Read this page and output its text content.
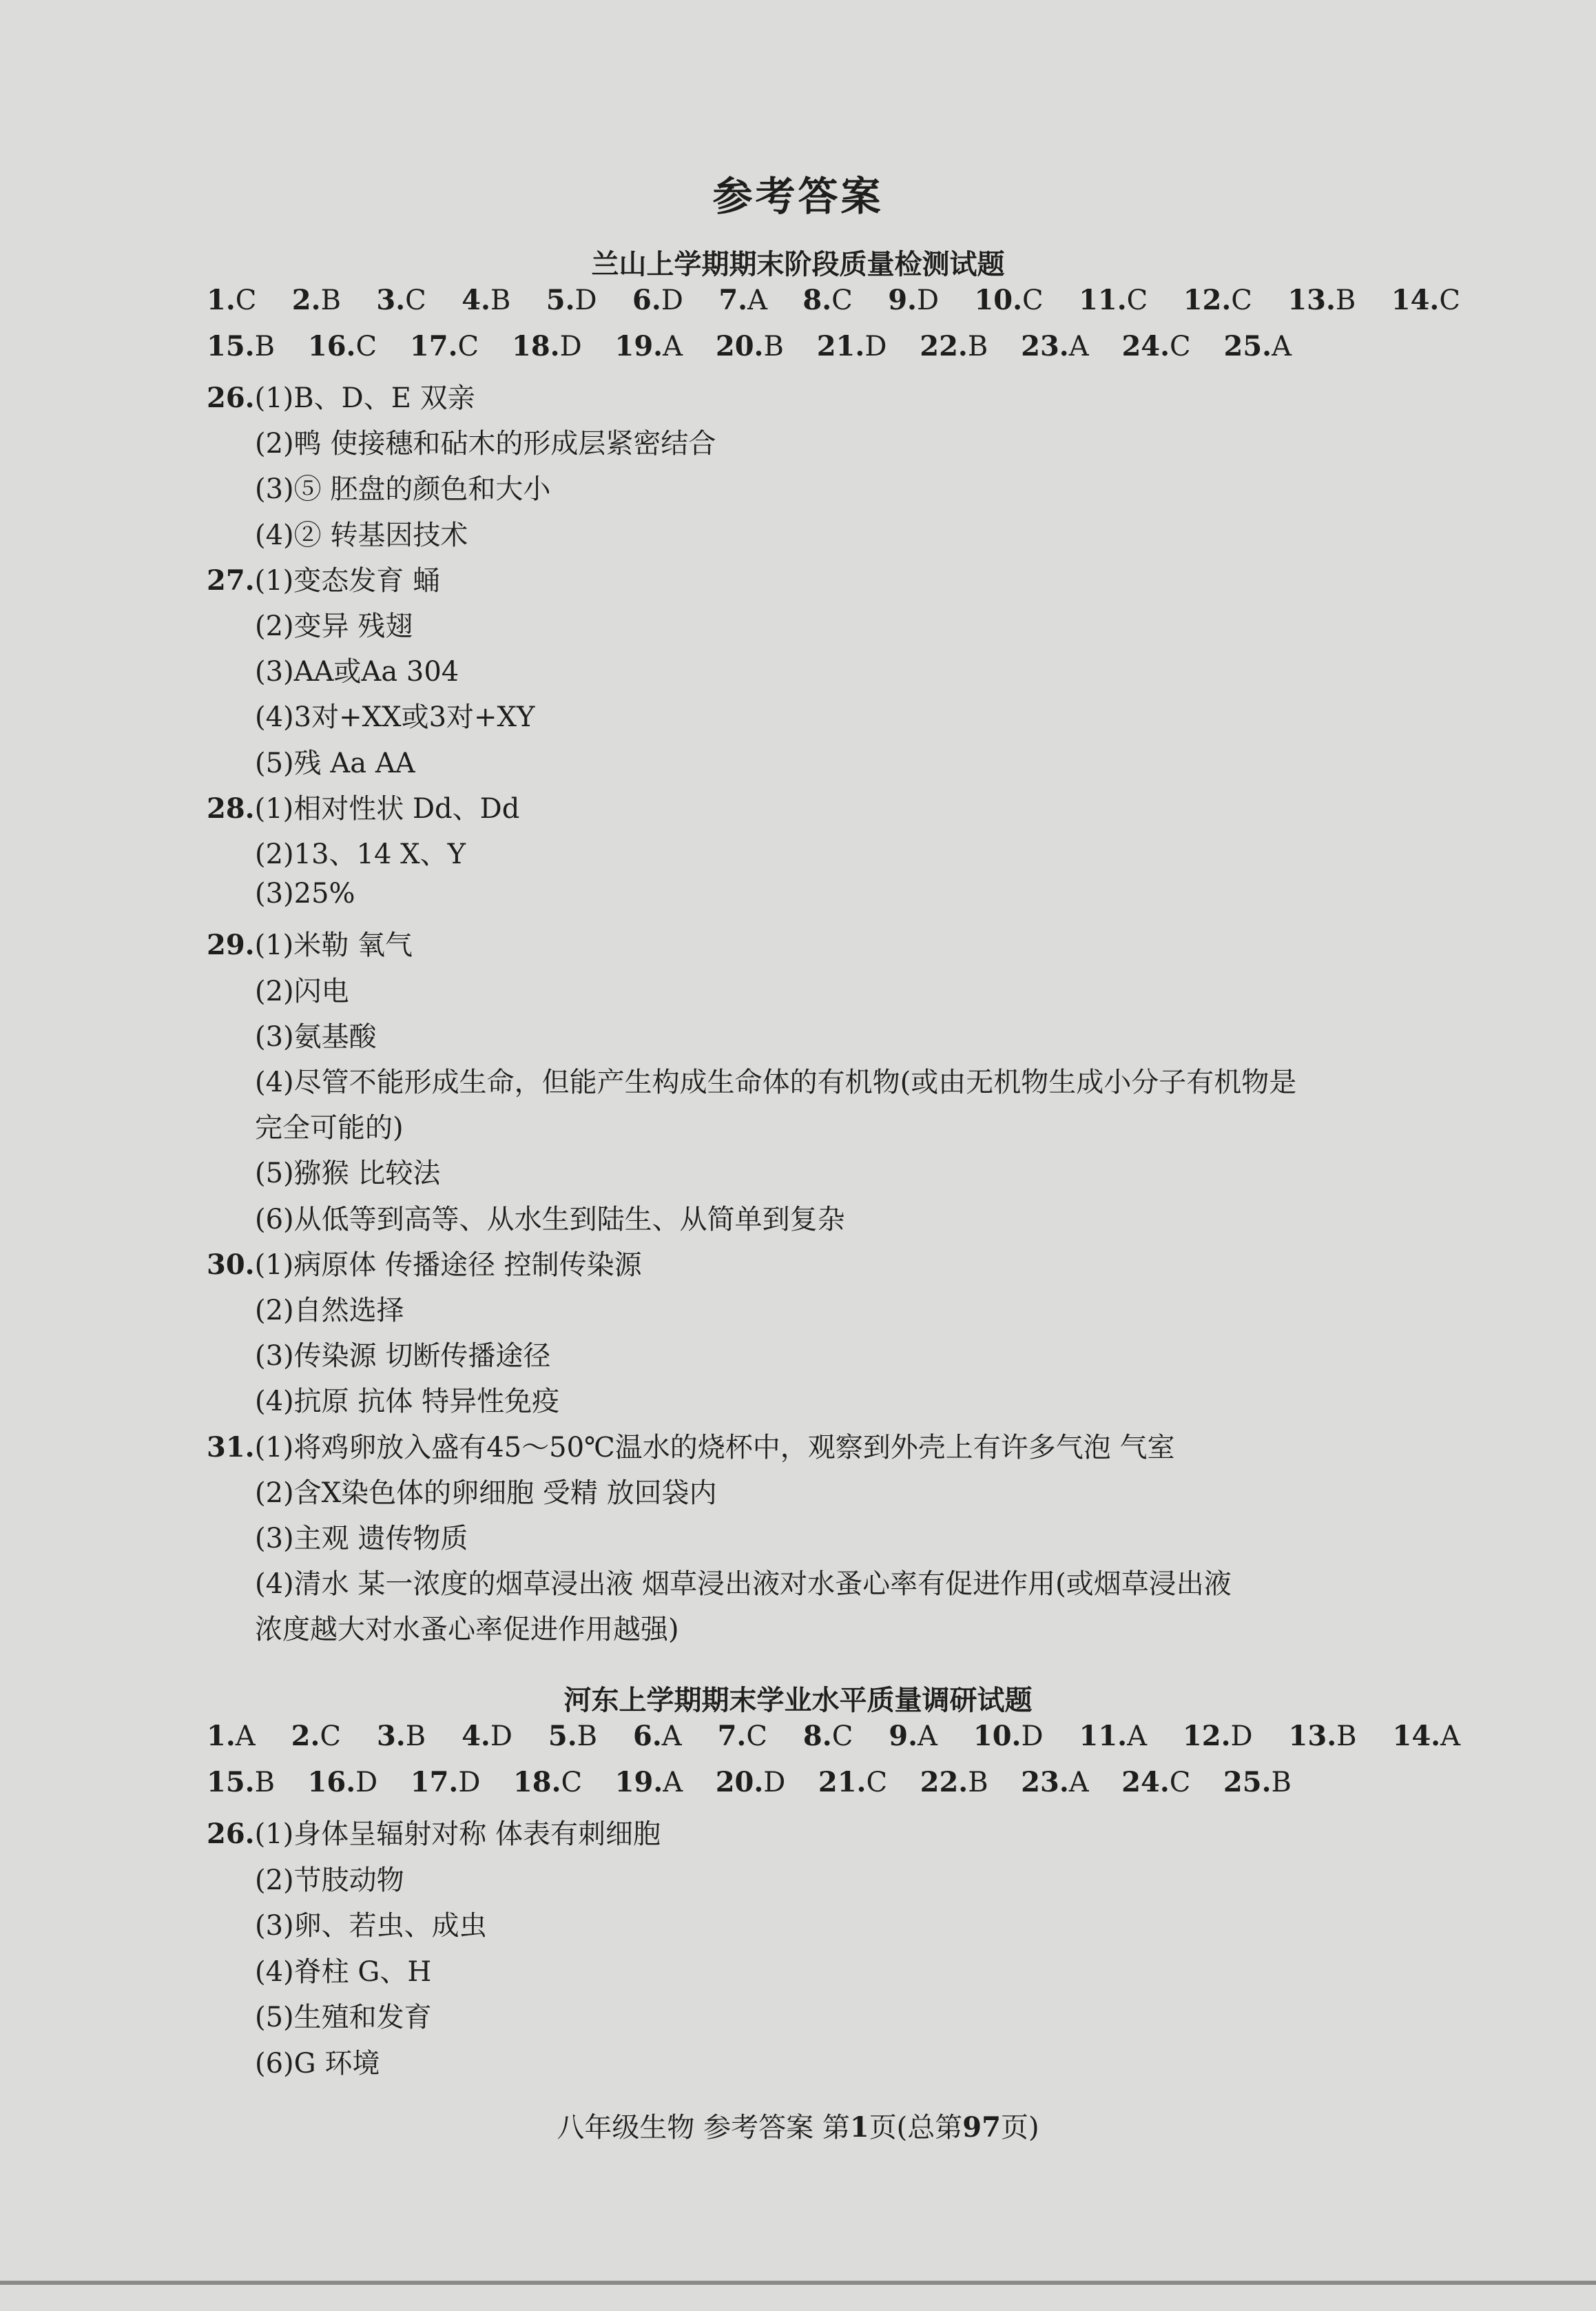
参考答案
兰山上学期期末阶段质量检测试题
1.C 2.B 3.C 4.B 5.D 6.D 7.A 8.C 9.D 10.C 11.C 12.C 13.B 14.C
15.B 16.C 17.C 18.D 19.A 20.B 21.D 22.B 23.A 24.C 25.A
26.(1)B、D、E 双亲
(2)鸭 使接穗和砧木的形成层紧密结合
(3)⑤ 胚盘的颜色和大小
(4)② 转基因技术
27.(1)变态发育 蛹
(2)变异 残翅
(3)AA或Aa 304
(4)3对+XX或3对+XY
(5)残 Aa AA
28.(1)相对性状 Dd、Dd
(2)13、14 X、Y
(3)25%
29.(1)米勒 氧气
(2)闪电
(3)氨基酸
(4)尽管不能形成生命，但能产生构成生命体的有机物(或由无机物生成小分子有机物是
完全可能的)
(5)猕猴 比较法
(6)从低等到高等、从水生到陆生、从简单到复杂
30.(1)病原体 传播途径 控制传染源
(2)自然选择
(3)传染源 切断传播途径
(4)抗原 抗体 特异性免疫
31.(1)将鸡卵放入盛有45～50℃温水的烧杯中，观察到外壳上有许多气泡 气室
(2)含X染色体的卵细胞 受精 放回袋内
(3)主观 遗传物质
(4)清水 某一浓度的烟草浸出液 烟草浸出液对水蚤心率有促进作用(或烟草浸出液
浓度越大对水蚤心率促进作用越强)
河东上学期期末学业水平质量调研试题
1.A 2.C 3.B 4.D 5.B 6.A 7.C 8.C 9.A 10.D 11.A 12.D 13.B 14.A
15.B 16.D 17.D 18.C 19.A 20.D 21.C 22.B 23.A 24.C 25.B
26.(1)身体呈辐射对称 体表有刺细胞
(2)节肢动物
(3)卵、若虫、成虫
(4)脊柱 G、H
(5)生殖和发育
(6)G 环境
八年级生物 参考答案 第1页(总第97页)
